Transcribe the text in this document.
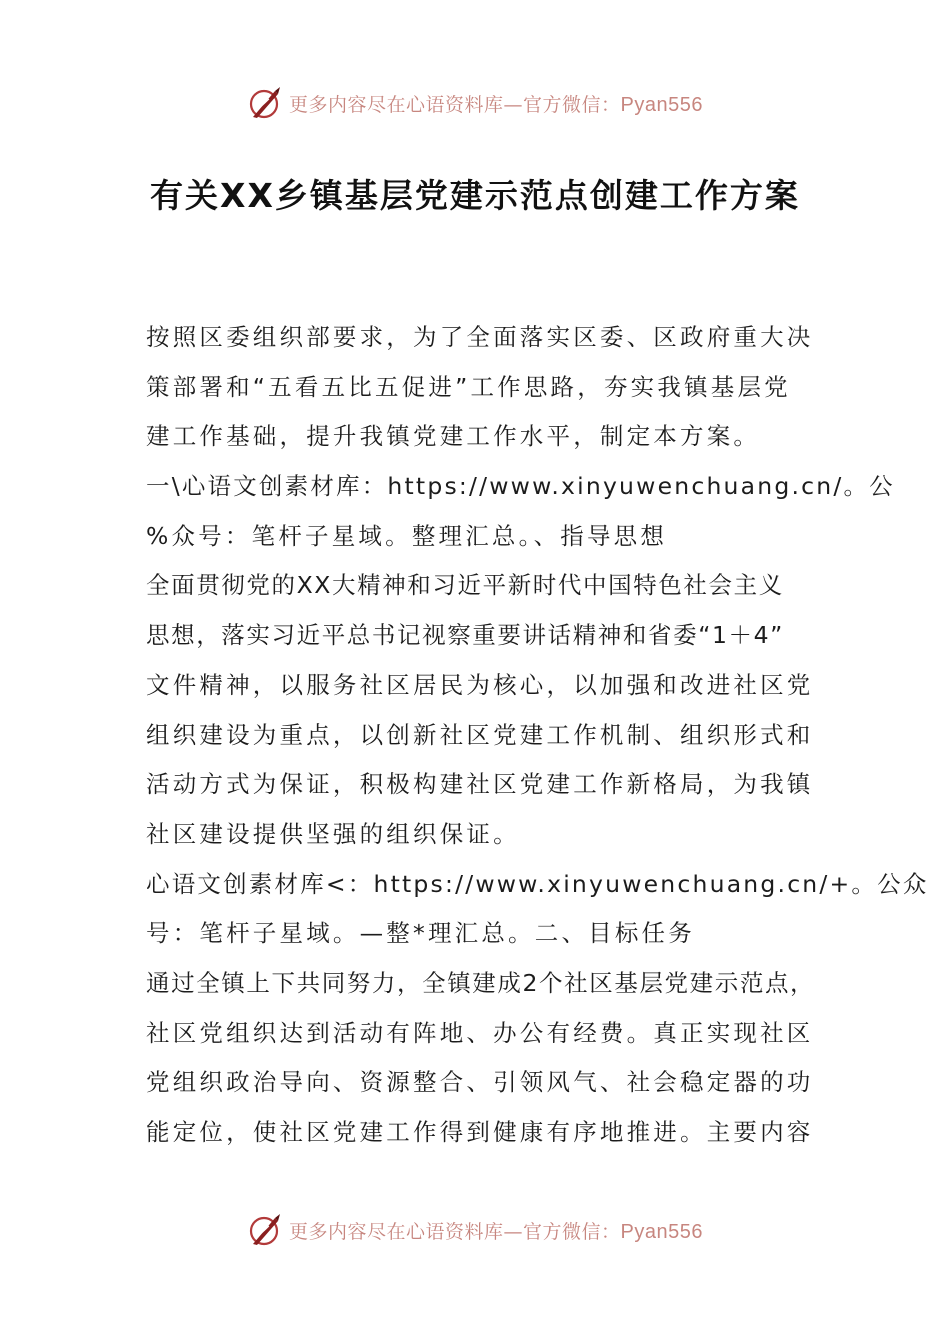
更多内容尽在心语资料库—官方微信：Pyan556
有关XX乡镇基层党建示范点创建工作方案
按照区委组织部要求，为了全面落实区委、区政府重大决
策部署和“五看五比五促进”工作思路，夯实我镇基层党
建工作基础，提升我镇党建工作水平，制定本方案。
一\心语文创素材库：https://www.xinyuwenchuang.cn/。公
%众号：笔杆子星域。整理汇总。、指导思想
全面贯彻党的XX大精神和习近平新时代中国特色社会主义
思想，落实习近平总书记视察重要讲话精神和省委“1＋4”
文件精神，以服务社区居民为核心，以加强和改进社区党
组织建设为重点，以创新社区党建工作机制、组织形式和
活动方式为保证，积极构建社区党建工作新格局，为我镇
社区建设提供坚强的组织保证。
心语文创素材库<：https://www.xinyuwenchuang.cn/+。公众
号：笔杆子星域。—整*理汇总。二、目标任务
通过全镇上下共同努力，全镇建成2个社区基层党建示范点，
社区党组织达到活动有阵地、办公有经费。真正实现社区
党组织政治导向、资源整合、引领风气、社会稳定器的功
能定位，使社区党建工作得到健康有序地推进。主要内容
更多内容尽在心语资料库—官方微信：Pyan556
